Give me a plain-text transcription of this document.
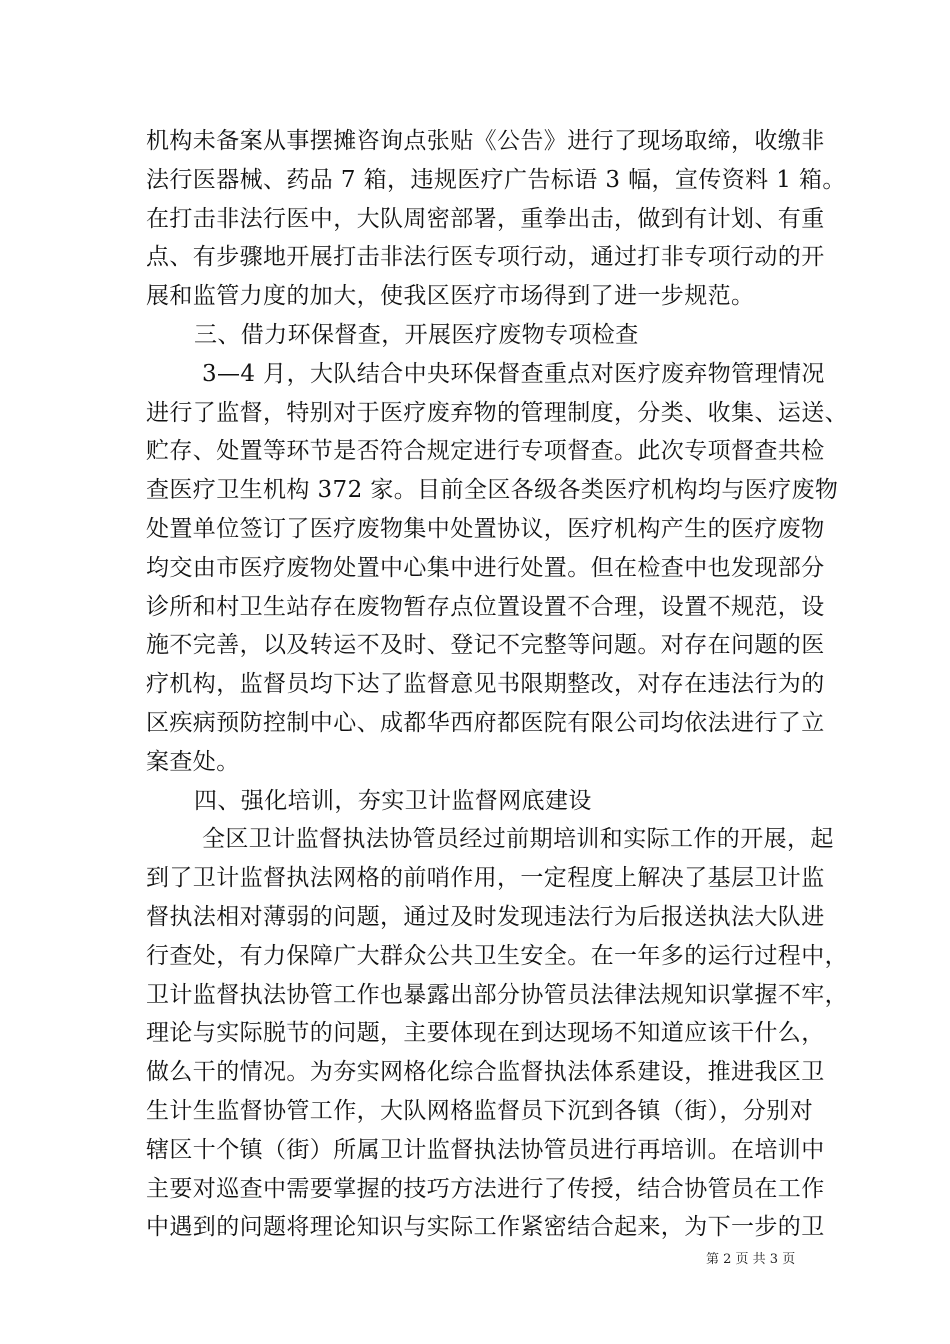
机构未备案从事摆摊咨询点张贴《公告》进行了现场取缔，收缴非
法行医器械、药品 7 箱，违规医疗广告标语 3 幅，宣传资料 1 箱。
在打击非法行医中，大队周密部署，重拳出击，做到有计划、有重
点、有步骤地开展打击非法行医专项行动，通过打非专项行动的开
展和监管力度的加大，使我区医疗市场得到了进一步规范。
三、借力环保督查，开展医疗废物专项检查
3—4 月，大队结合中央环保督查重点对医疗废弃物管理情况
进行了监督，特别对于医疗废弃物的管理制度，分类、收集、运送、
贮存、处置等环节是否符合规定进行专项督查。此次专项督查共检
查医疗卫生机构 372 家。目前全区各级各类医疗机构均与医疗废物
处置单位签订了医疗废物集中处置协议，医疗机构产生的医疗废物
均交由市医疗废物处置中心集中进行处置。但在检查中也发现部分
诊所和村卫生站存在废物暂存点位置设置不合理，设置不规范，设
施不完善，以及转运不及时、登记不完整等问题。对存在问题的医
疗机构，监督员均下达了监督意见书限期整改，对存在违法行为的
区疾病预防控制中心、成都华西府都医院有限公司均依法进行了立
案查处。
四、强化培训，夯实卫计监督网底建设
全区卫计监督执法协管员经过前期培训和实际工作的开展，起
到了卫计监督执法网格的前哨作用，一定程度上解决了基层卫计监
督执法相对薄弱的问题，通过及时发现违法行为后报送执法大队进
行查处，有力保障广大群众公共卫生安全。在一年多的运行过程中，
卫计监督执法协管工作也暴露出部分协管员法律法规知识掌握不牢，
理论与实际脱节的问题，主要体现在到达现场不知道应该干什么，
做么干的情况。为夯实网格化综合监督执法体系建设，推进我区卫
生计生监督协管工作，大队网格监督员下沉到各镇（街），分别对
辖区十个镇（街）所属卫计监督执法协管员进行再培训。在培训中
主要对巡查中需要掌握的技巧方法进行了传授，结合协管员在工作
中遇到的问题将理论知识与实际工作紧密结合起来，为下一步的卫
第 2 页 共 3 页
